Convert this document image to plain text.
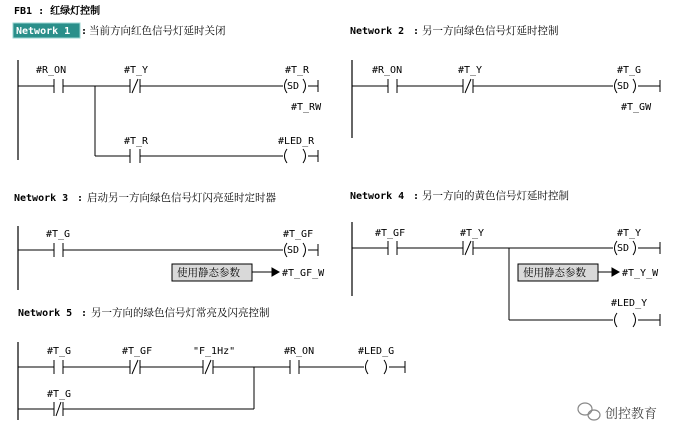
FB1 : 红绿灯控制
Network 1 : 当前方向红色信号灯延时关闭
SD
#R_ON	#T_Y	#T_R
#T_RW
#T_R	#LED_R
Network 2 : 另一方向绿色信号灯延时控制
SD
#R_ON	#T_Y	#T_G
#T_GW
Network 3 : 启动另一方向绿色信号灯闪亮延时定时器
SD
#T_G	#T_GF
使用静态参数	#T_GF_W
Network 4 : 另一方向的黄色信号灯延时控制
SD
#T_GF	#T_Y	#T_Y
使用静态参数	#T_Y_W
#LED_Y
Network 5 : 另一方向的绿色信号灯常亮及闪亮控制
#T_G	#T_GF	"F_1Hz"	#R_ON	#LED_G
#T_G
创控教育
